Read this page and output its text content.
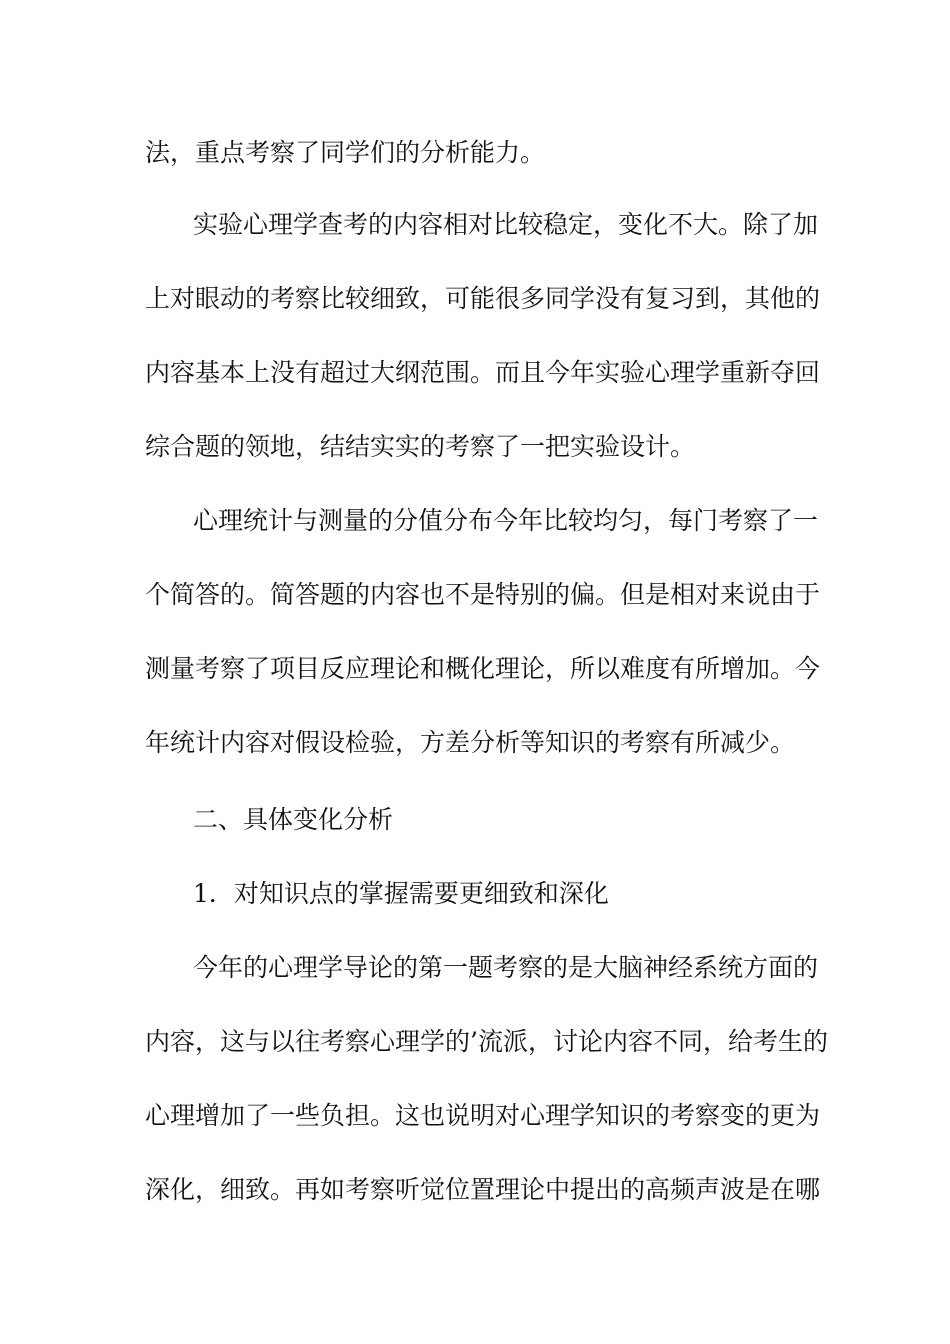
法，重点考察了同学们的分析能力。
实验心理学查考的内容相对比较稳定，变化不大。除了加
上对眼动的考察比较细致，可能很多同学没有复习到，其他的
内容基本上没有超过大纲范围。而且今年实验心理学重新夺回
综合题的领地，结结实实的考察了一把实验设计。
心理统计与测量的分值分布今年比较均匀，每门考察了一
个简答的。简答题的内容也不是特别的偏。但是相对来说由于
测量考察了项目反应理论和概化理论，所以难度有所增加。今
年统计内容对假设检验，方差分析等知识的考察有所减少。
二、具体变化分析
1．对知识点的掌握需要更细致和深化
今年的心理学导论的第一题考察的是大脑神经系统方面的
内容，这与以往考察心理学的’流派，讨论内容不同，给考生的
心理增加了一些负担。这也说明对心理学知识的考察变的更为
深化，细致。再如考察听觉位置理论中提出的高频声波是在哪
